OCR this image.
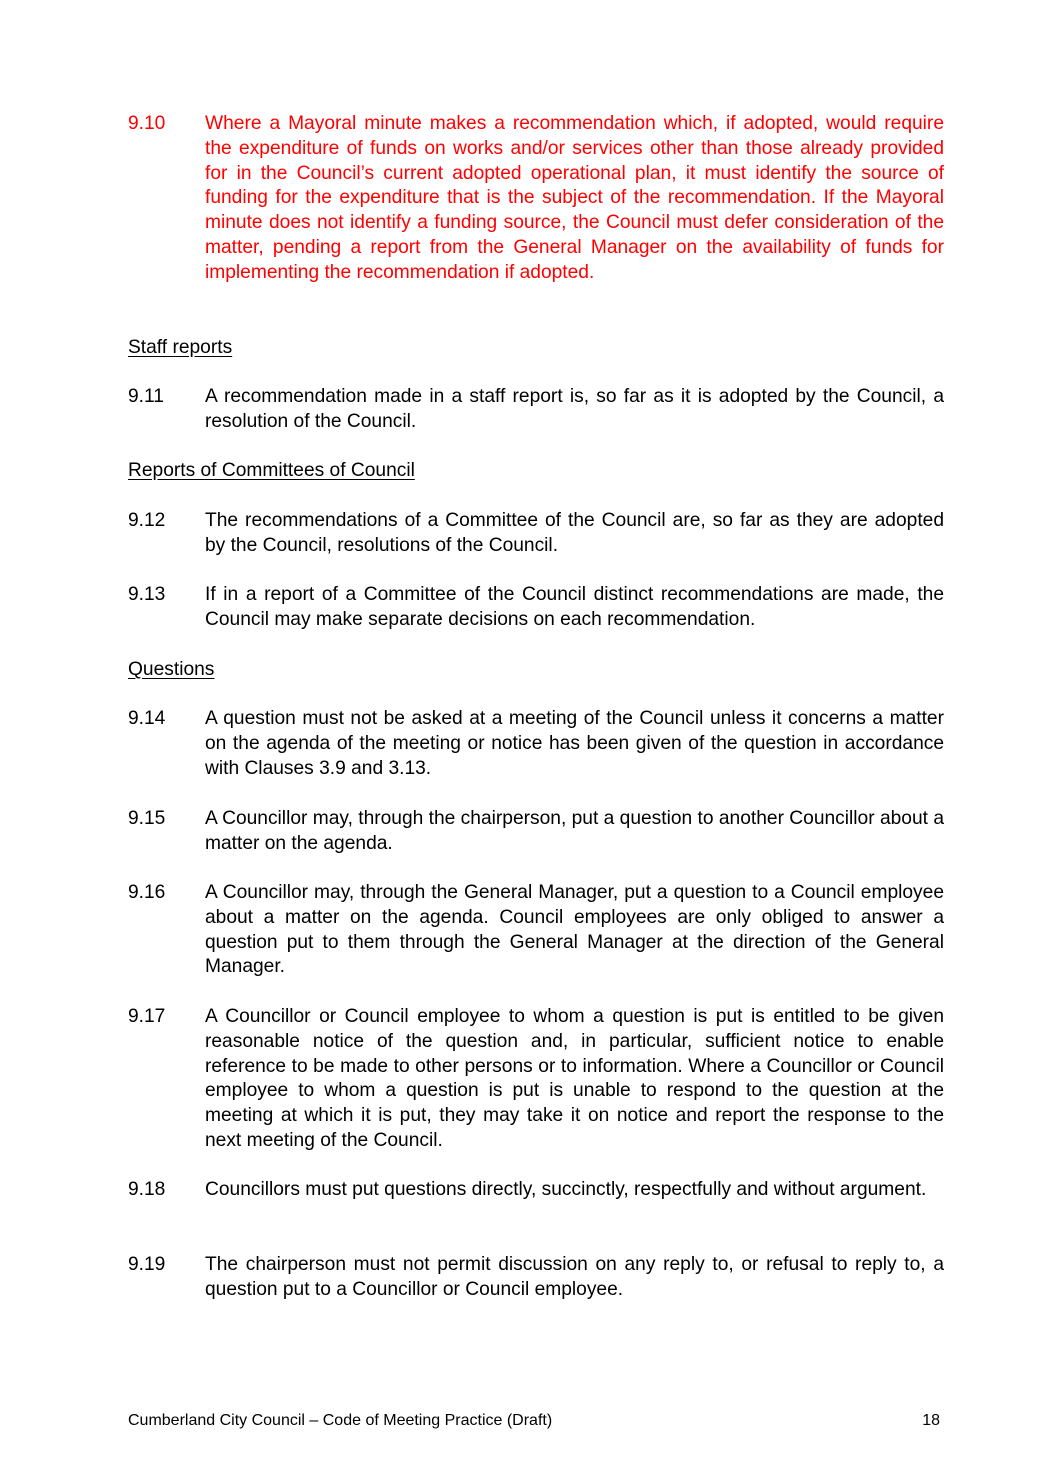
9.10	Where a Mayoral minute makes a recommendation which, if adopted, would require the expenditure of funds on works and/or services other than those already provided for in the Council’s current adopted operational plan, it must identify the source of funding for the expenditure that is the subject of the recommendation. If the Mayoral minute does not identify a funding source, the Council must defer consideration of the matter, pending a report from the General Manager on the availability of funds for implementing the recommendation if adopted.
Staff reports
9.11	A recommendation made in a staff report is, so far as it is adopted by the Council, a resolution of the Council.
Reports of Committees of Council
9.12	The recommendations of a Committee of the Council are, so far as they are adopted by the Council, resolutions of the Council.
9.13	If in a report of a Committee of the Council distinct recommendations are made, the Council may make separate decisions on each recommendation.
Questions
9.14	A question must not be asked at a meeting of the Council unless it concerns a matter on the agenda of the meeting or notice has been given of the question in accordance with Clauses 3.9 and 3.13.
9.15	A Councillor may, through the chairperson, put a question to another Councillor about a matter on the agenda.
9.16	A Councillor may, through the General Manager, put a question to a Council employee about a matter on the agenda. Council employees are only obliged to answer a question put to them through the General Manager at the direction of the General Manager.
9.17	A Councillor or Council employee to whom a question is put is entitled to be given reasonable notice of the question and, in particular, sufficient notice to enable reference to be made to other persons or to information. Where a Councillor or Council employee to whom a question is put is unable to respond to the question at the meeting at which it is put, they may take it on notice and report the response to the next meeting of the Council.
9.18	Councillors must put questions directly, succinctly, respectfully and without argument.
9.19	The chairperson must not permit discussion on any reply to, or refusal to reply to, a question put to a Councillor or Council employee.
Cumberland City Council – Code of Meeting Practice (Draft)	18
